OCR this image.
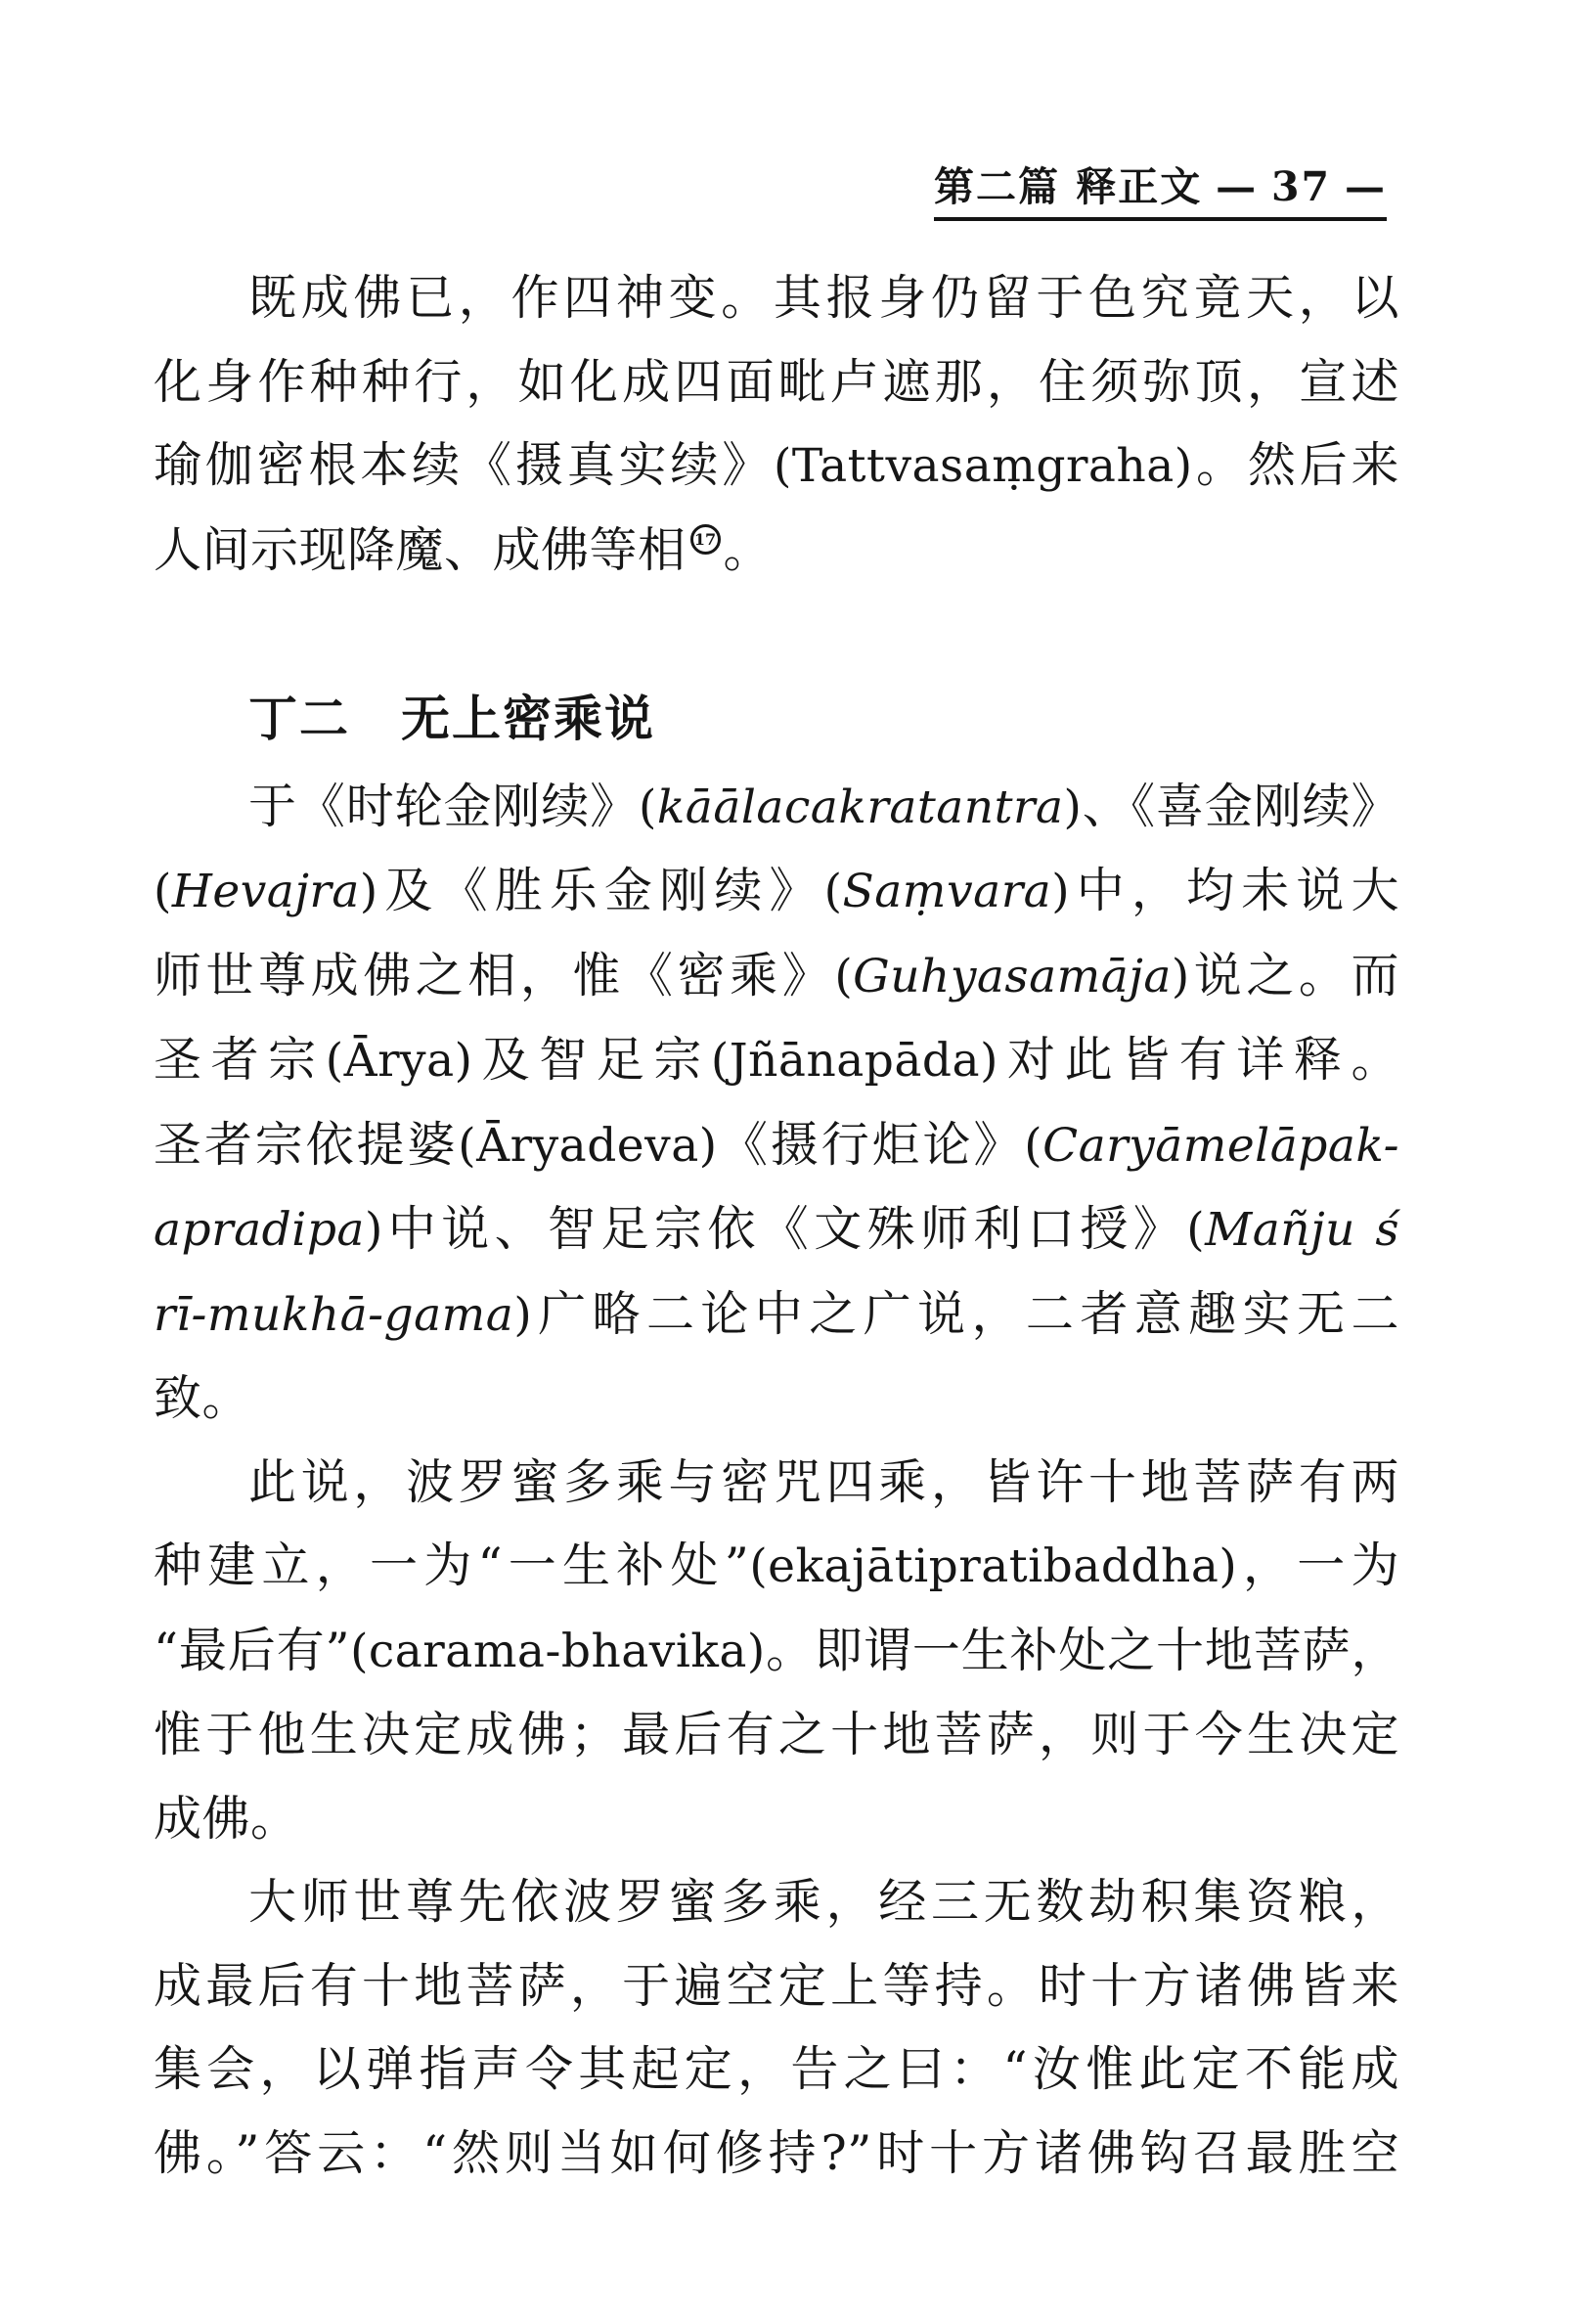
第二篇 释正文 — 37 —
既成佛已，作四神变。其报身仍留于色究竟天，以
化身作种种行，如化成四面毗卢遮那，住须弥顶，宣述
瑜伽密根本续《摄真实续》(Tattvasaṃgraha)。然后来
人间示现降魔、成佛等相 17 。
丁二　无上密乘说
于《时轮金刚续》(kāālacakratantra)、《喜金刚续》
(Hevajra)及《胜乐金刚续》(Saṃvara)中，均未说大
师世尊成佛之相，惟《密乘》(Guhyasamāja)说之。而
圣者宗(Ārya)及智足宗(Jñānapāda)对此皆有详释。
圣者宗依提婆(Āryadeva)《摄行炬论》(Caryāmelāpak-
apradipa)中说、智足宗依《文殊师利口授》(Mañju ś
rī-mukhā-gama)广略二论中之广说，二者意趣实无二
致。
此说，波罗蜜多乘与密咒四乘，皆许十地菩萨有两
种建立，一为“一生补处”(ekajātipratibaddha)，一为
“最后有”(carama-bhavika)。即谓一生补处之十地菩萨，
惟于他生决定成佛；最后有之十地菩萨，则于今生决定
成佛。
大师世尊先依波罗蜜多乘，经三无数劫积集资粮，
成最后有十地菩萨，于遍空定上等持。时十方诸佛皆来
集会，以弹指声令其起定，告之曰：“汝惟此定不能成
佛。”答云：“然则当如何修持?”时十方诸佛钩召最胜空
